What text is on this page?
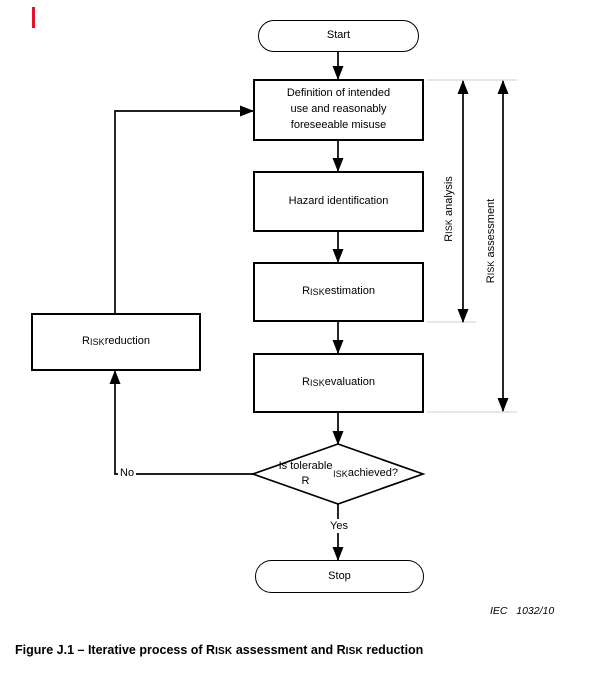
Start
Definition of intended use and reasonably foreseeable misuse
Hazard identification
R ISK estimation
R ISK evaluation
R ISK reduction
Is tolerable R
ISK achieved?
Stop
No
Yes
RISK analysis
RISK assessment
IEC   1032/10
Figure J.1 – Iterative process of RISK assessment and RISK reduction
